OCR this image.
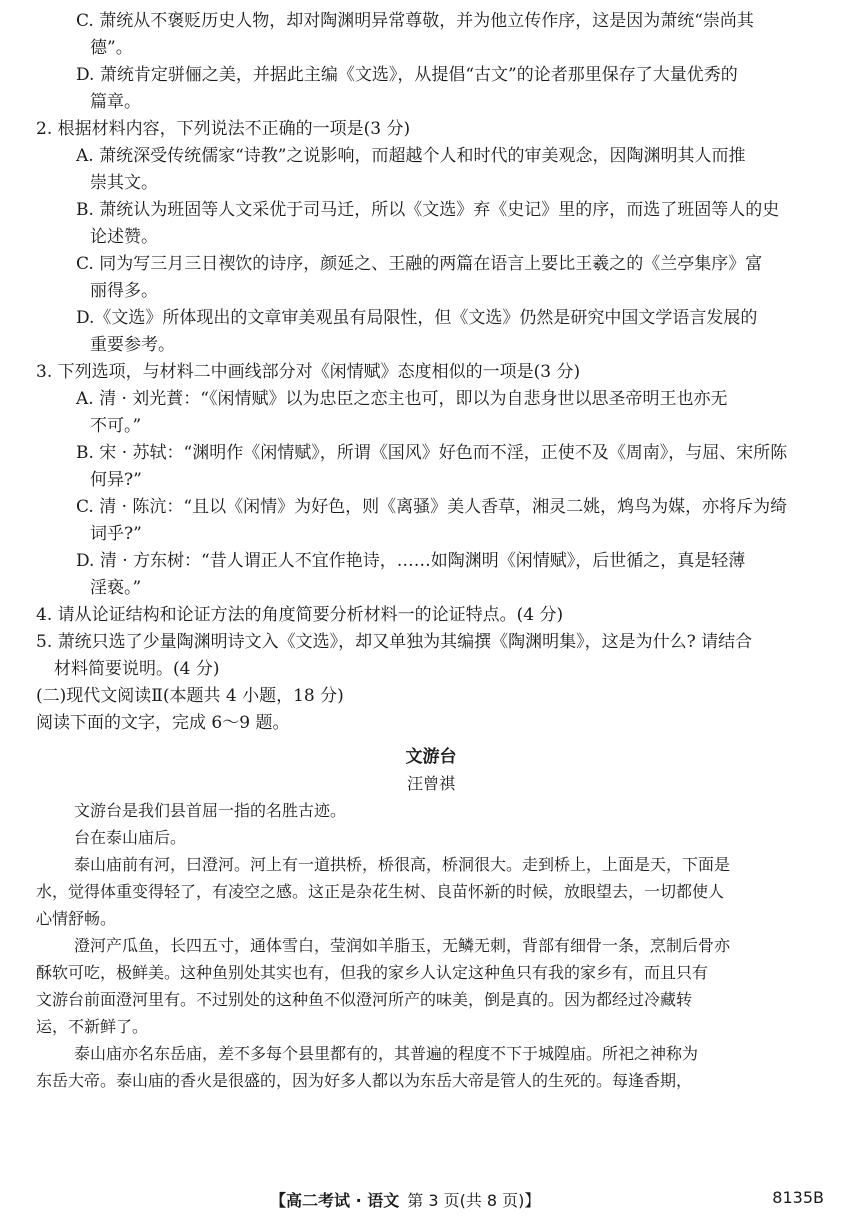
C. 萧统从不褒贬历史人物，却对陶渊明异常尊敬，并为他立传作序，这是因为萧统“崇尚其
德”。
D. 萧统肯定骈俪之美，并据此主编《文选》，从提倡“古文”的论者那里保存了大量优秀的
篇章。
2. 根据材料内容，下列说法不正确的一项是(3 分)
A. 萧统深受传统儒家“诗教”之说影响，而超越个人和时代的审美观念，因陶渊明其人而推
崇其文。
B. 萧统认为班固等人文采优于司马迁，所以《文选》弃《史记》里的序，而选了班固等人的史
论述赞。
C. 同为写三月三日禊饮的诗序，颜延之、王融的两篇在语言上要比王羲之的《兰亭集序》富
丽得多。
D.《文选》所体现出的文章审美观虽有局限性，但《文选》仍然是研究中国文学语言发展的
重要参考。
3. 下列选项，与材料二中画线部分对《闲情赋》态度相似的一项是(3 分)
A. 清 · 刘光蕡：“《闲情赋》以为忠臣之恋主也可，即以为自悲身世以思圣帝明王也亦无
不可。”
B. 宋 · 苏轼：“渊明作《闲情赋》，所谓《国风》好色而不淫，正使不及《周南》，与屈、宋所陈
何异?”
C. 清 · 陈沆：“且以《闲情》为好色，则《离骚》美人香草，湘灵二姚，鸩鸟为媒，亦将斥为绮
词乎?”
D. 清 · 方东树：“昔人谓正人不宜作艳诗，……如陶渊明《闲情赋》，后世循之，真是轻薄
淫亵。”
4. 请从论证结构和论证方法的角度简要分析材料一的论证特点。(4 分)
5. 萧统只选了少量陶渊明诗文入《文选》，却又单独为其编撰《陶渊明集》，这是为什么? 请结合
材料简要说明。(4 分)
(二)现代文阅读Ⅱ(本题共 4 小题，18 分)
阅读下面的文字，完成 6～9 题。
文游台
汪曾祺
文游台是我们县首屈一指的名胜古迹。
台在泰山庙后。
泰山庙前有河，曰澄河。河上有一道拱桥，桥很高，桥洞很大。走到桥上，上面是天，下面是
水，觉得体重变得轻了，有凌空之感。这正是杂花生树、良苗怀新的时候，放眼望去，一切都使人
心情舒畅。
澄河产瓜鱼，长四五寸，通体雪白，莹润如羊脂玉，无鳞无刺，背部有细骨一条，烹制后骨亦
酥软可吃，极鲜美。这种鱼别处其实也有，但我的家乡人认定这种鱼只有我的家乡有，而且只有
文游台前面澄河里有。不过别处的这种鱼不似澄河所产的味美，倒是真的。因为都经过冷藏转
运，不新鲜了。
泰山庙亦名东岳庙，差不多每个县里都有的，其普遍的程度不下于城隍庙。所祀之神称为
东岳大帝。泰山庙的香火是很盛的，因为好多人都以为东岳大帝是管人的生死的。每逢香期，
【高二考试 · 语文 第 3 页(共 8 页)】	8135B
